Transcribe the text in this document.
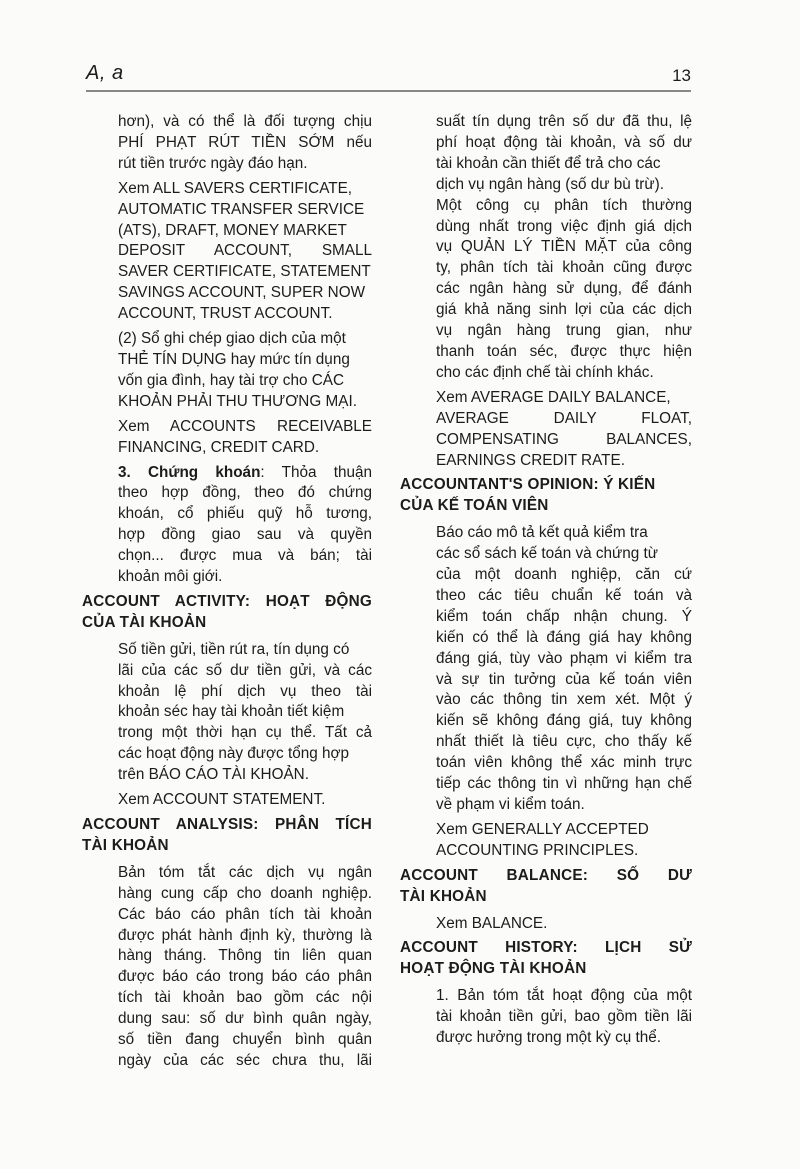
A, a	13

hơn), và có thể là đối tượng chịu
PHÍ PHẠT RÚT TIỀN SỚM nếu
rút tiền trước ngày đáo hạn.

Xem ALL SAVERS CERTIFICATE,
AUTOMATIC TRANSFER SERVICE
(ATS), DRAFT, MONEY MARKET
DEPOSIT ACCOUNT, SMALL
SAVER CERTIFICATE, STATEMENT
SAVINGS ACCOUNT, SUPER NOW
ACCOUNT, TRUST ACCOUNT.

(2) Sổ ghi chép giao dịch của một
THẺ TÍN DỤNG hay mức tín dụng
vốn gia đình, hay tài trợ cho CÁC
KHOẢN PHẢI THU THƯƠNG MẠI.

Xem ACCOUNTS RECEIVABLE
FINANCING, CREDIT CARD.

3. Chứng khoán: Thỏa thuận
theo hợp đồng, theo đó chứng
khoán, cổ phiếu quỹ hỗ tương,
hợp đồng giao sau và quyền
chọn... được mua và bán; tài
khoản môi giới.

ACCOUNT ACTIVITY: HOẠT ĐỘNG
CỦA TÀI KHOẢN

Số tiền gửi, tiền rút ra, tín dụng có
lãi của các số dư tiền gửi, và các
khoản lệ phí dịch vụ theo tài
khoản séc hay tài khoản tiết kiệm
trong một thời hạn cụ thể. Tất cả
các hoạt động này được tổng hợp
trên BÁO CÁO TÀI KHOẢN.

Xem ACCOUNT STATEMENT.

ACCOUNT ANALYSIS: PHÂN TÍCH
TÀI KHOẢN

Bản tóm tắt các dịch vụ ngân
hàng cung cấp cho doanh nghiệp.
Các báo cáo phân tích tài khoản
được phát hành định kỳ, thường là
hàng tháng. Thông tin liên quan
được báo cáo trong báo cáo phân
tích tài khoản bao gồm các nội
dung sau: số dư bình quân ngày,
số tiền đang chuyển bình quân
ngày của các séc chưa thu, lãi

suất tín dụng trên số dư đã thu, lệ
phí hoạt động tài khoản, và số dư
tài khoản cần thiết để trả cho các
dịch vụ ngân hàng (số dư bù trừ).
Một công cụ phân tích thường
dùng nhất trong việc định giá dịch
vụ QUẢN LÝ TIỀN MẶT của công
ty, phân tích tài khoản cũng được
các ngân hàng sử dụng, để đánh
giá khả năng sinh lợi của các dịch
vụ ngân hàng trung gian, như
thanh toán séc, được thực hiện
cho các định chế tài chính khác.

Xem AVERAGE DAILY BALANCE,
AVERAGE DAILY FLOAT,
COMPENSATING BALANCES,
EARNINGS CREDIT RATE.

ACCOUNTANT'S OPINION: Ý KIẾN
CỦA KẾ TOÁN VIÊN

Báo cáo mô tả kết quả kiểm tra
các sổ sách kế toán và chứng từ
của một doanh nghiệp, căn cứ
theo các tiêu chuẩn kế toán và
kiểm toán chấp nhận chung. Ý
kiến có thể là đáng giá hay không
đáng giá, tùy vào phạm vi kiểm tra
và sự tin tưởng của kế toán viên
vào các thông tin xem xét. Một ý
kiến sẽ không đáng giá, tuy không
nhất thiết là tiêu cực, cho thấy kế
toán viên không thể xác minh trực
tiếp các thông tin vì những hạn chế
về phạm vi kiểm toán.

Xem GENERALLY ACCEPTED
ACCOUNTING PRINCIPLES.

ACCOUNT BALANCE: SỐ DƯ
TÀI KHOẢN

Xem BALANCE.

ACCOUNT HISTORY: LỊCH SỬ
HOẠT ĐỘNG TÀI KHOẢN

1. Bản tóm tắt hoạt động của một
tài khoản tiền gửi, bao gồm tiền lãi
được hưởng trong một kỳ cụ thể.
